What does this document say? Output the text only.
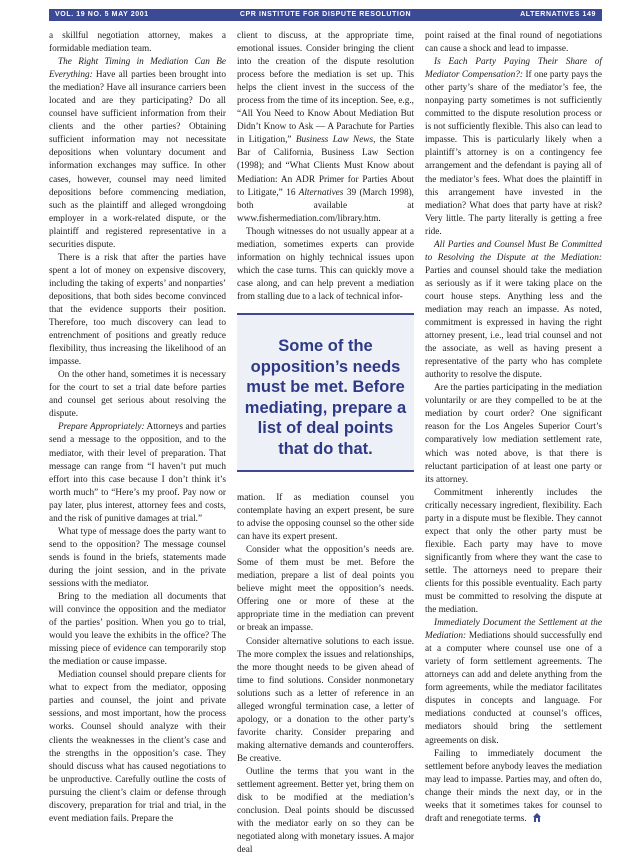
VOL. 19 NO. 5 MAY 2001	CPR INSTITUTE FOR DISPUTE RESOLUTION	ALTERNATIVES 149

a skillful negotiation attorney, makes a formidable mediation team.

The Right Timing in Mediation Can Be Everything: Have all parties been brought into the mediation? Have all insurance carriers been located and are they participating? Do all counsel have sufficient information from their clients and the other parties? Obtaining sufficient information may not necessitate depositions when voluntary document and information exchanges may suffice. In other cases, however, counsel may need limited depositions before commencing mediation, such as the plaintiff and alleged wrongdoing employer in a work-related dispute, or the plaintiff and registered representative in a securities dispute.

There is a risk that after the parties have spent a lot of money on expensive discovery, including the taking of experts’ and nonparties’ depositions, that both sides become convinced that the evidence supports their position. Therefore, too much discovery can lead to entrenchment of positions and greatly reduce flexibility, thus increasing the likelihood of an impasse.

On the other hand, sometimes it is necessary for the court to set a trial date before parties and counsel get serious about resolving the dispute.

Prepare Appropriately: Attorneys and parties send a message to the opposition, and to the mediator, with their level of preparation. That message can range from “I haven’t put much effort into this case because I don’t think it’s worth much” to “Here’s my proof. Pay now or pay later, plus interest, attorney fees and costs, and the risk of punitive damages at trial.”

What type of message does the party want to send to the opposition? The message counsel sends is found in the briefs, statements made during the joint session, and in the private sessions with the mediator.

Bring to the mediation all documents that will convince the opposition and the mediator of the parties’ position. When you go to trial, would you leave the exhibits in the office? The missing piece of evidence can temporarily stop the mediation or cause impasse.

Mediation counsel should prepare clients for what to expect from the mediator, opposing parties and counsel, the joint and private sessions, and most important, how the process works. Counsel should analyze with their clients the weaknesses in the client’s case and the strengths in the opposition’s case. They should discuss what has caused negotiations to be unproductive. Carefully outline the costs of pursuing the client’s claim or defense through discovery, preparation for trial and trial, in the event mediation fails. Prepare the

client to discuss, at the appropriate time, emotional issues. Consider bringing the client into the creation of the dispute resolution process before the mediation is set up. This helps the client invest in the success of the process from the time of its inception. See, e.g., “All You Need to Know About Mediation But Didn’t Know to Ask — A Parachute for Parties in Litigation,” Business Law News, the State Bar of California, Business Law Section (1998); and “What Clients Must Know about Mediation: An ADR Primer for Parties About to Litigate,” 16 Alternatives 39 (March 1998), both available at www.fishermediation.com/library.htm.

Though witnesses do not usually appear at a mediation, sometimes experts can provide information on highly technical issues upon which the case turns. This can quickly move a case along, and can help prevent a mediation from stalling due to a lack of technical infor-

Some of the opposition’s needs must be met. Before mediating, prepare a list of deal points that do that.

mation. If as mediation counsel you contemplate having an expert present, be sure to advise the opposing counsel so the other side can have its expert present.

Consider what the opposition’s needs are. Some of them must be met. Before the mediation, prepare a list of deal points you believe might meet the opposition’s needs. Offering one or more of these at the appropriate time in the mediation can prevent or break an impasse.

Consider alternative solutions to each issue. The more complex the issues and relationships, the more thought needs to be given ahead of time to find solutions. Consider nonmonetary solutions such as a letter of reference in an alleged wrongful termination case, a letter of apology, or a donation to the other party’s favorite charity. Consider preparing and making alternative demands and counteroffers. Be creative.

Outline the terms that you want in the settlement agreement. Better yet, bring them on disk to be modified at the mediation’s conclusion. Deal points should be discussed with the mediator early on so they can be negotiated along with monetary issues. A major deal

point raised at the final round of negotiations can cause a shock and lead to impasse.

Is Each Party Paying Their Share of Mediator Compensation?: If one party pays the other party’s share of the mediator’s fee, the nonpaying party sometimes is not sufficiently committed to the dispute resolution process or is not sufficiently flexible. This also can lead to impasse. This is particularly likely when a plaintiff’s attorney is on a contingency fee arrangement and the defendant is paying all of the mediator’s fees. What does the plaintiff in this arrangement have invested in the mediation? What does that party have at risk? Very little. The party literally is getting a free ride.

All Parties and Counsel Must Be Committed to Resolving the Dispute at the Mediation: Parties and counsel should take the mediation as seriously as if it were taking place on the court house steps. Anything less and the mediation may reach an impasse. As noted, commitment is expressed in having the right attorney present, i.e., lead trial counsel and not the associate, as well as having present a representative of the party who has complete authority to resolve the dispute.

Are the parties participating in the mediation voluntarily or are they compelled to be at the mediation by court order? One significant reason for the Los Angeles Superior Court’s comparatively low mediation settlement rate, which was noted above, is that there is reluctant participation of at least one party or its attorney.

Commitment inherently includes the critically necessary ingredient, flexibility. Each party in a dispute must be flexible. They cannot expect that only the other party must be flexible. Each party may have to move significantly from where they want the case to settle. The attorneys need to prepare their clients for this possible eventuality. Each party must be committed to resolving the dispute at the mediation.

Immediately Document the Settlement at the Mediation: Mediations should successfully end at a computer where counsel use one of a variety of form settlement agreements. The attorneys can add and delete anything from the form agreements, while the mediator facilitates disputes in concepts and language. For mediations conducted at counsel’s offices, mediators should bring the settlement agreements on disk.

Failing to immediately document the settlement before anybody leaves the mediation may lead to impasse. Parties may, and often do, change their minds the next day, or in the weeks that it sometimes takes for counsel to draft and renegotiate terms.
